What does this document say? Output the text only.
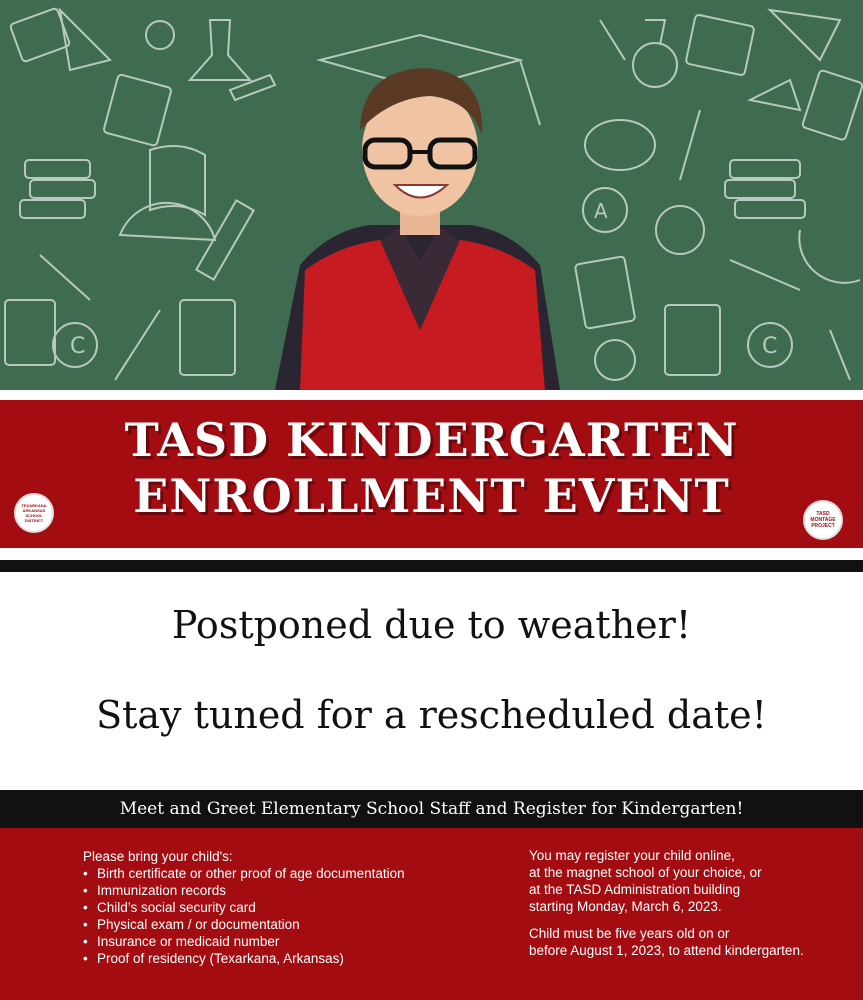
C	C
A
TASD KINDERGARTEN
ENROLLMENT EVENT
TEXARKANA ARKANSAS SCHOOL DISTRICT
TASD MONTAGE PROJECT
Postponed due to weather!
Stay tuned for a rescheduled date!
Meet and Greet Elementary School Staff and Register for Kindergarten!
Please bring your child's:
• Birth certificate or other proof of age documentation
• Immunization records
• Child’s social security card
• Physical exam / or documentation
• Insurance or medicaid number
• Proof of residency (Texarkana, Arkansas)

You may register your child online,
at the magnet school of your choice, or
at the TASD Administration building
starting Monday, March 6, 2023.

Child must be five years old on or
before August 1, 2023, to attend kindergarten.
